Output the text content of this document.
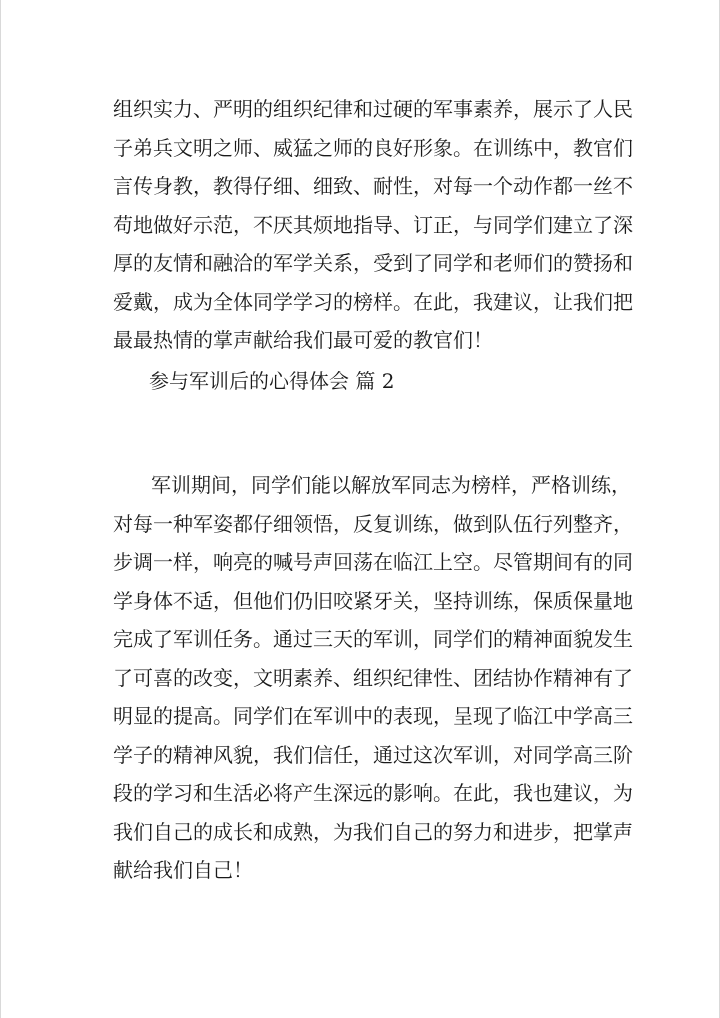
组织实力、严明的组织纪律和过硬的军事素养，展示了人民
子弟兵文明之师、威猛之师的良好形象。在训练中，教官们
言传身教，教得仔细、细致、耐性，对每一个动作都一丝不
苟地做好示范，不厌其烦地指导、订正，与同学们建立了深
厚的友情和融洽的军学关系，受到了同学和老师们的赞扬和
爱戴，成为全体同学学习的榜样。在此，我建议，让我们把
最最热情的掌声献给我们最可爱的教官们！
参与军训后的心得体会 篇 2
军训期间，同学们能以解放军同志为榜样，严格训练，
对每一种军姿都仔细领悟，反复训练，做到队伍行列整齐，
步调一样，响亮的喊号声回荡在临江上空。尽管期间有的同
学身体不适，但他们仍旧咬紧牙关，坚持训练，保质保量地
完成了军训任务。通过三天的军训，同学们的精神面貌发生
了可喜的改变，文明素养、组织纪律性、团结协作精神有了
明显的提高。同学们在军训中的表现，呈现了临江中学高三
学子的精神风貌，我们信任，通过这次军训，对同学高三阶
段的学习和生活必将产生深远的影响。在此，我也建议，为
我们自己的成长和成熟，为我们自己的努力和进步，把掌声
献给我们自己！
